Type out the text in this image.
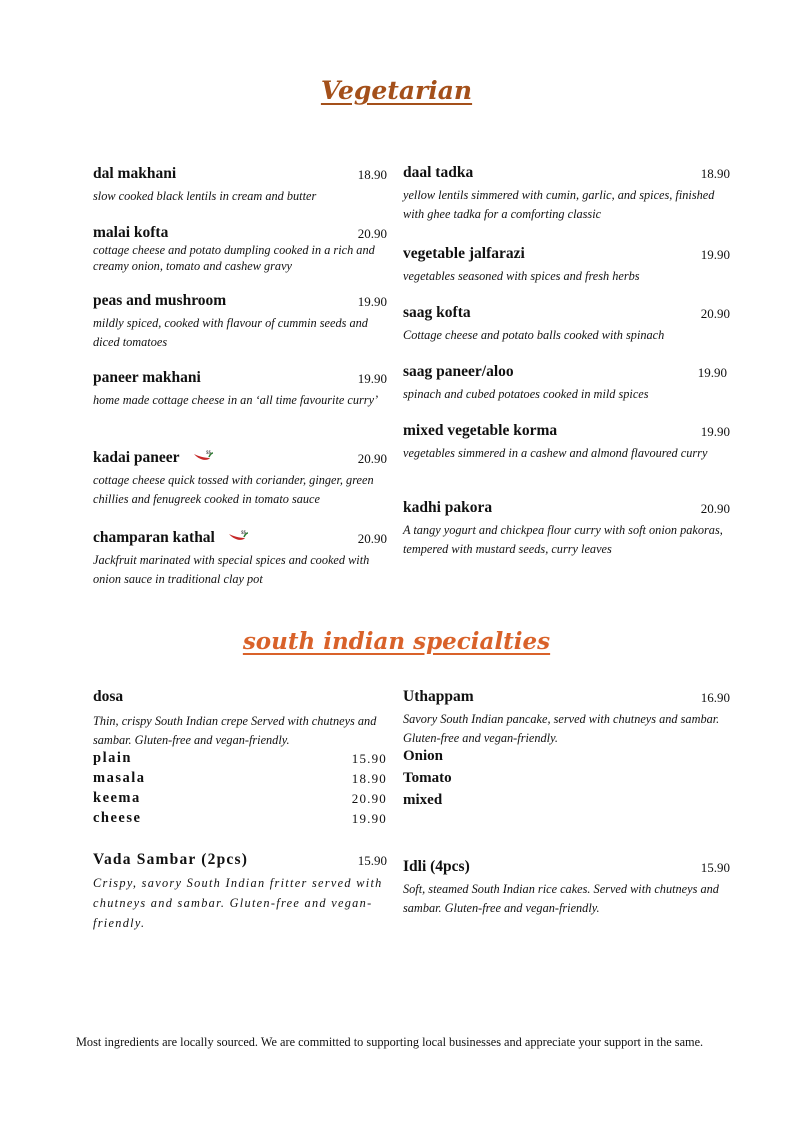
Vegetarian
dal makhani	18.90
slow cooked black lentils in cream and butter
malai kofta	20.90
cottage cheese and potato dumpling cooked in a rich and creamy onion, tomato and cashew gravy
peas and mushroom	19.90
mildly spiced, cooked with flavour of cummin seeds and diced tomatoes
paneer makhani	19.90
home made cottage cheese in an ‘all time favourite curry’
kadai paneer	$$	20.90
cottage cheese quick tossed with coriander, ginger, green chillies and fenugreek cooked in tomato sauce
champaran kathal	$$	20.90
Jackfruit marinated with special spices and cooked with onion sauce in traditional clay pot
daal tadka	18.90
yellow lentils simmered with cumin, garlic, and spices, finished with ghee tadka for a comforting classic
vegetable jalfarazi	19.90
vegetables seasoned with spices and fresh herbs
saag kofta	20.90
Cottage cheese and potato balls cooked with spinach
saag paneer/aloo	19.90
spinach and cubed potatoes cooked in mild spices
mixed vegetable korma	19.90
vegetables simmered in a cashew and almond flavoured curry
kadhi pakora	20.90
A tangy yogurt and chickpea flour curry with soft onion pakoras, tempered with mustard seeds, curry leaves
south indian specialties
dosa
Thin, crispy South Indian crepe Served with chutneys and sambar. Gluten-free and vegan-friendly.
plain	15.90
masala	18.90
keema	20.90
cheese	19.90
Vada Sambar (2pcs)	15.90
Crispy, savory South Indian fritter served with chutneys and sambar. Gluten-free and vegan-friendly.
Uthappam	16.90
Savory South Indian pancake, served with chutneys and sambar. Gluten-free and vegan-friendly.
Onion
Tomato
mixed
Idli (4pcs)	15.90
Soft, steamed South Indian rice cakes. Served with chutneys and sambar. Gluten-free and vegan-friendly.
Most ingredients are locally sourced. We are committed to supporting local businesses and appreciate your support in the same.
